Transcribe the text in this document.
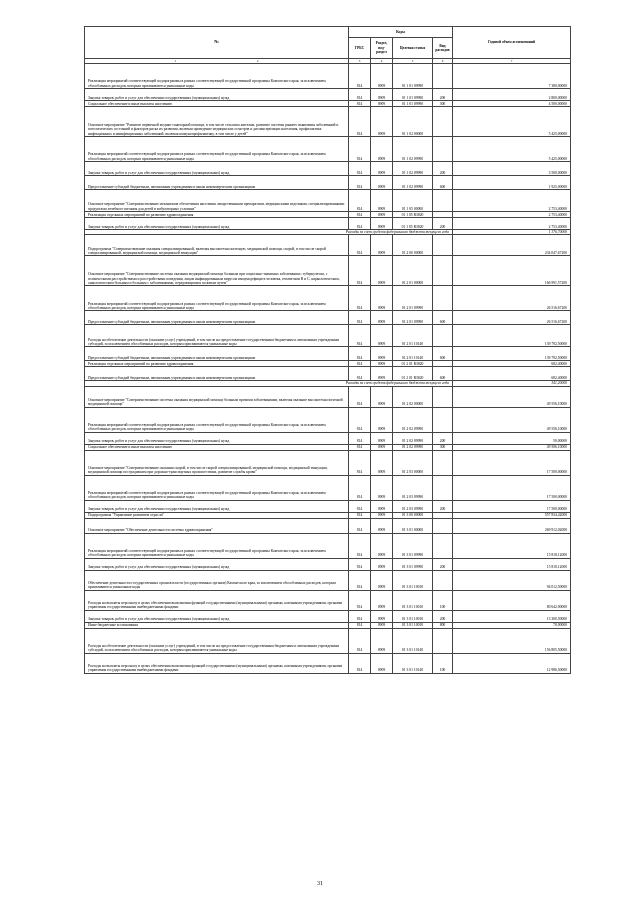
№	Коды				Годовой объем ассигнований
	ГРБС	Раздел, под- раздел	Целевая статья	Вид расходов	
1 2	3	4	5	6	7
Реализация мероприятий соответствующей подпрограммы в рамках соответствующей государственной программы Камчатского края, за исключением обособленных расходов, которым присваиваются уникальные коды	814	0909	01 1 01 09990		7 380,00000
Закупка товаров, работ и услуг для обеспечения государственных (муниципальных) нужд	814	0909	01 1 01 09990	200	2 800,00000
Социальное обеспечение и иные выплаты населению	814	0909	01 1 01 09990	300	4 580,00000
Основное мероприятие "Развитие первичной медико-санитарной помощи, в том числе сельским жителям, развитие системы раннего выявления заболеваний и патологических состояний и факторов риска их развития, включая проведение медицинских осмотров и диспансеризации населения, профилактика инфекционных и неинфекционных заболеваний, включая иммунопрофилактику, в том числе у детей"	814	0909	01 1 02 00000		5 425,00000
Реализация мероприятий соответствующей подпрограммы в рамках соответствующей государственной программы Камчатского края, за исключением обособленных расходов, которым присваиваются уникальные коды	814	0909	01 1 02 09990		5 425,00000
Закупка товаров, работ и услуг для обеспечения государственных (муниципальных) нужд	814	0909	01 1 02 09990	200	3 500,00000
Предоставление субсидий бюджетным, автономным учреждениям и иным некоммерческим организациям	814	0909	01 1 02 09990	600	1 925,00000
Основное мероприятие "Совершенствование механизмов обеспечения населения лекарственными препаратами, медицинскими изделиями, специализированными продуктами лечебного питания для детей в амбулаторных условиях"	814	0909	01 1 05 00000		2 753,40000
Реализация отдельных мероприятий по развитию здравоохранения	814	0909	01 1 05 R3820		2 753,40000
Закупка товаров, работ и услуг для обеспечения государственных (муниципальных) нужд	814	0909	01 1 05 R3820	200	2 753,40000
Расходы за счет средств федерального бюджета текущего года					1 376,70000
Подпрограмма "Совершенствование оказания специализированной, включая высокотехнологичную, медицинской помощи, скорой, в том числе скорой специализированной, медицинской помощи, медицинской эвакуации"	814	0909	01 2 00 00000		234 047,67200
Основное мероприятие "Совершенствование системы оказания медицинской помощи больным при социально-значимых заболеваниях: туберкулезом, с психическими расстройствами и расстройствами поведения, лицам инфицированным вирусом иммунодефицита человека, гепатитами В и С, наркологическим, онкологическим больным и больным с заболеваниями, передающимися половым путем"	814	0909	01 2 01 00000		166 991,57200
Реализация мероприятий соответствующей подпрограммы в рамках соответствующей государственной программы Камчатского края, за исключением обособленных расходов, которым присваиваются уникальные коды	814	0909	01 2 01 09990		26 516,67200
Предоставление субсидий бюджетным, автономным учреждениям и иным некоммерческим организациям	814	0909	01 2 01 09990	600	26 516,67200
Расходы на обеспечение деятельности (оказание услуг) учреждений, в том числе на предоставление государственным бюджетным и автономным учреждениям субсидий, за исключением обособленных расходов, которым присваиваются уникальные коды	814	0909	01 2 01 10140		139 792,50000
Предоставление субсидий бюджетным, автономным учреждениям и иным некоммерческим организациям	814	0909	01 2 01 10140	600	139 792,50000
Реализация отдельных мероприятий по развитию здравоохранения	814	0909	01 2 01 R3820		682,40000
Предоставление субсидий бюджетным, автономным учреждениям и иным некоммерческим организациям	814	0909	01 2 01 R3820	600	682,40000
Расходы за счет средств федерального бюджета текущего года					341,20000
Основное мероприятие "Совершенствование системы оказания медицинской помощи больным прочими заболеваниями, включая оказание высокотехнологичной медицинской помощи"	814	0909	01 2 02 00000		49 556,10000
Реализация мероприятий соответствующей подпрограммы в рамках соответствующей государственной программы Камчатского края, за исключением обособленных расходов, которым присваиваются уникальные коды	814	0909	01 2 02 09990		49 556,10000
Закупка товаров, работ и услуг для обеспечения государственных (муниципальных) нужд	814	0909	01 2 02 09990	200	50,00000
Социальное обеспечение и иные выплаты населению	814	0909	01 2 02 09990	300	49 506,10000
Основное мероприятие "Совершенствование оказания скорой, в том числе скорой специализированной, медицинской помощи, медицинской эвакуации, медицинской помощи пострадавшим при дорожно-транспортных происшествиях, развитие службы крови"	814	0909	01 2 03 00000		17 500,00000
Реализация мероприятий соответствующей подпрограммы в рамках соответствующей государственной программы Камчатского края, за исключением обособленных расходов, которым присваиваются уникальные коды	814	0909	01 2 03 09990		17 500,00000
Закупка товаров, работ и услуг для обеспечения государственных (муниципальных) нужд	814	0909	01 2 03 09990	200	17 500,00000
Подпрограмма "Управление развитием отрасли"	814	0909	01 3 00 00000		557 834,42000
Основное мероприятие "Обеспечение деятельности системы здравоохранения"	814	0909	01 3 01 00000		269 912,02000
Реализация мероприятий соответствующей подпрограммы в рамках соответствующей государственной программы Камчатского края, за исключением обособленных расходов, которым присваиваются уникальные коды	814	0909	01 3 01 09990		15 818,12000
Закупка товаров, работ и услуг для обеспечения государственных (муниципальных) нужд	814	0909	01 3 01 09990	200	15 818,12000
Обеспечение деятельности государственных органов власти (государственных органов) Камчатского края, за исключением обособленных расходов, которым присваиваются уникальные коды	814	0909	01 3 01 10010		94 012,50000
Расходы на выплаты персоналу в целях обеспечения выполнения функций государственными (муниципальными) органами, казенными учреждениями, органами управления государственными внебюджетными фондами	814	0909	01 3 01 10010	100	80 642,00000
Закупка товаров, работ и услуг для обеспечения государственных (муниципальных) нужд	814	0909	01 3 01 10010	200	13 300,50000
Иные бюджетные ассигнования	814	0909	01 3 01 10010	800	70,00000
Расходы на обеспечение деятельности (оказание услуг) учреждений, в том числе на предоставление государственным бюджетным и автономным учреждениям субсидий, за исключением обособленных расходов, которым присваиваются уникальные коды	814	0909	01 3 01 10140		156 805,50000
Расходы на выплаты персоналу в целях обеспечения выполнения функций государственными (муниципальными) органами, казенными учреждениями, органами управления государственными внебюджетными фондами	814	0909	01 3 01 10140	100	12 986,50000
31
